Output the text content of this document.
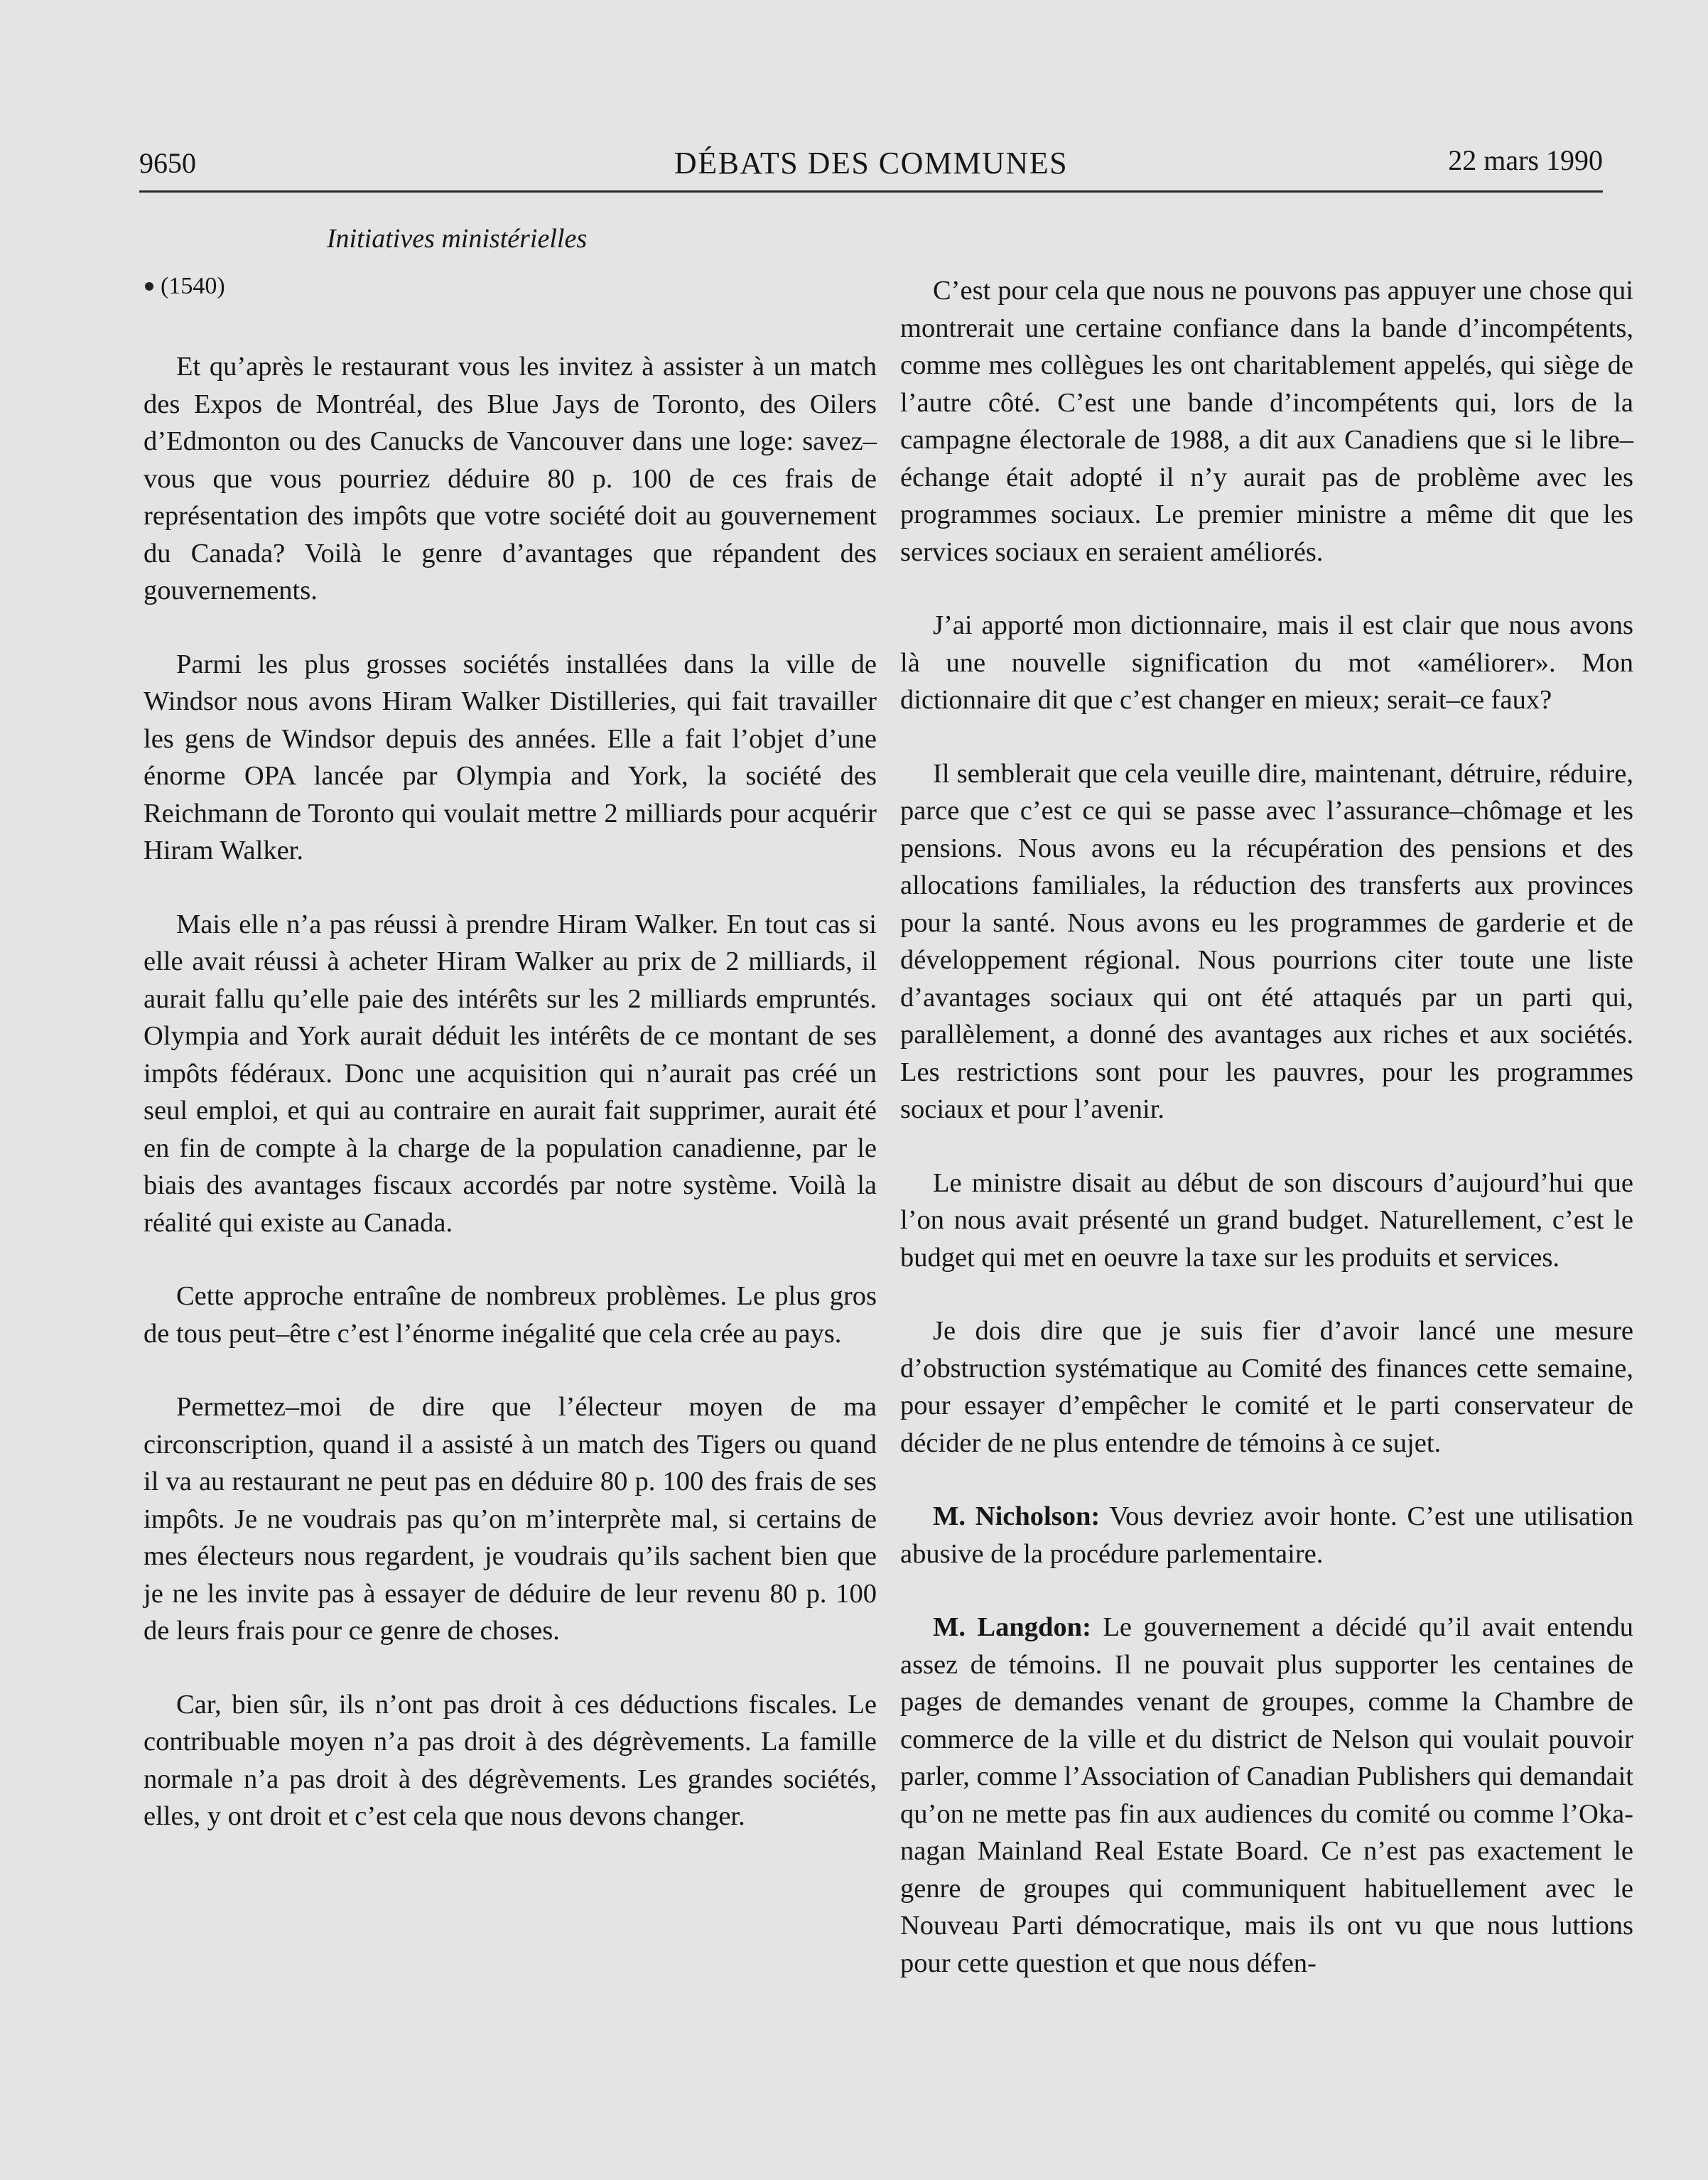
9650	DÉBATS DES COMMUNES	22 mars 1990
Initiatives ministérielles
(1540)

Et qu’après le restaurant vous les invitez à assister à un match des Expos de Montréal, des Blue Jays de Toronto, des Oilers d’Edmonton ou des Canucks de Vancouver dans une loge: savez–vous que vous pourriez déduire 80 p. 100 de ces frais de représentation des impôts que votre société doit au gouvernement du Canada? Voilà le genre d’avantages que répandent des gouvernements.

Parmi les plus grosses sociétés installées dans la ville de Windsor nous avons Hiram Walker Distilleries, qui fait travailler les gens de Windsor depuis des années. Elle a fait l’objet d’une énorme OPA lancée par Olympia and York, la société des Reichmann de Toronto qui voulait mettre 2 milliards pour acquérir Hiram Walker.

Mais elle n’a pas réussi à prendre Hiram Walker. En tout cas si elle avait réussi à acheter Hiram Walker au prix de 2 milliards, il aurait fallu qu’elle paie des intérêts sur les 2 milliards empruntés. Olympia and York aurait déduit les intérêts de ce montant de ses impôts fédéraux. Donc une acquisition qui n’aurait pas créé un seul emploi, et qui au contraire en aurait fait supprimer, aurait été en fin de compte à la charge de la population canadienne, par le biais des avantages fiscaux accordés par notre système. Voilà la réalité qui existe au Canada.

Cette approche entraîne de nombreux problèmes. Le plus gros de tous peut–être c’est l’énorme inégalité que cela crée au pays.

Permettez–moi de dire que l’électeur moyen de ma circonscription, quand il a assisté à un match des Tigers ou quand il va au restaurant ne peut pas en déduire 80 p. 100 des frais de ses impôts. Je ne voudrais pas qu’on m’interprète mal, si certains de mes électeurs nous regardent, je voudrais qu’ils sachent bien que je ne les invite pas à essayer de déduire de leur revenu 80 p. 100 de leurs frais pour ce genre de choses.

Car, bien sûr, ils n’ont pas droit à ces déductions fiscales. Le contribuable moyen n’a pas droit à des dégrèvements. La famille normale n’a pas droit à des dégrèvements. Les grandes sociétés, elles, y ont droit et c’est cela que nous devons changer.

C’est pour cela que nous ne pouvons pas appuyer une chose qui montrerait une certaine confiance dans la bande d’incompétents, comme mes collègues les ont charitablement appelés, qui siège de l’autre côté. C’est une bande d’incompétents qui, lors de la campagne électorale de 1988, a dit aux Canadiens que si le libre–échange était adopté il n’y aurait pas de problème avec les programmes sociaux. Le premier ministre a même dit que les services sociaux en seraient améliorés.

J’ai apporté mon dictionnaire, mais il est clair que nous avons là une nouvelle signification du mot «améliorer». Mon dictionnaire dit que c’est changer en mieux; serait–ce faux?

Il semblerait que cela veuille dire, maintenant, détruire, réduire, parce que c’est ce qui se passe avec l’assurance–chômage et les pensions. Nous avons eu la récupération des pensions et des allocations familiales, la réduction des transferts aux provinces pour la santé. Nous avons eu les programmes de garderie et de développement régional. Nous pourrions citer toute une liste d’avantages sociaux qui ont été attaqués par un parti qui, parallèlement, a donné des avantages aux riches et aux sociétés. Les restrictions sont pour les pauvres, pour les programmes sociaux et pour l’avenir.

Le ministre disait au début de son discours d’aujourd’hui que l’on nous avait présenté un grand budget. Naturellement, c’est le budget qui met en oeuvre la taxe sur les produits et services.

Je dois dire que je suis fier d’avoir lancé une mesure d’obstruction systématique au Comité des finances cette semaine, pour essayer d’empêcher le comité et le parti conservateur de décider de ne plus entendre de témoins à ce sujet.

M. Nicholson: Vous devriez avoir honte. C’est une utilisation abusive de la procédure parlementaire.

M. Langdon: Le gouvernement a décidé qu’il avait entendu assez de témoins. Il ne pouvait plus supporter les centaines de pages de demandes venant de groupes, comme la Chambre de commerce de la ville et du district de Nelson qui voulait pouvoir parler, comme l’Association of Canadian Publishers qui demandait qu’on ne mette pas fin aux audiences du comité ou comme l’Okanagan Mainland Real Estate Board. Ce n’est pas exactement le genre de groupes qui communiquent habituellement avec le Nouveau Parti démocratique, mais ils ont vu que nous luttions pour cette question et que nous défen-
